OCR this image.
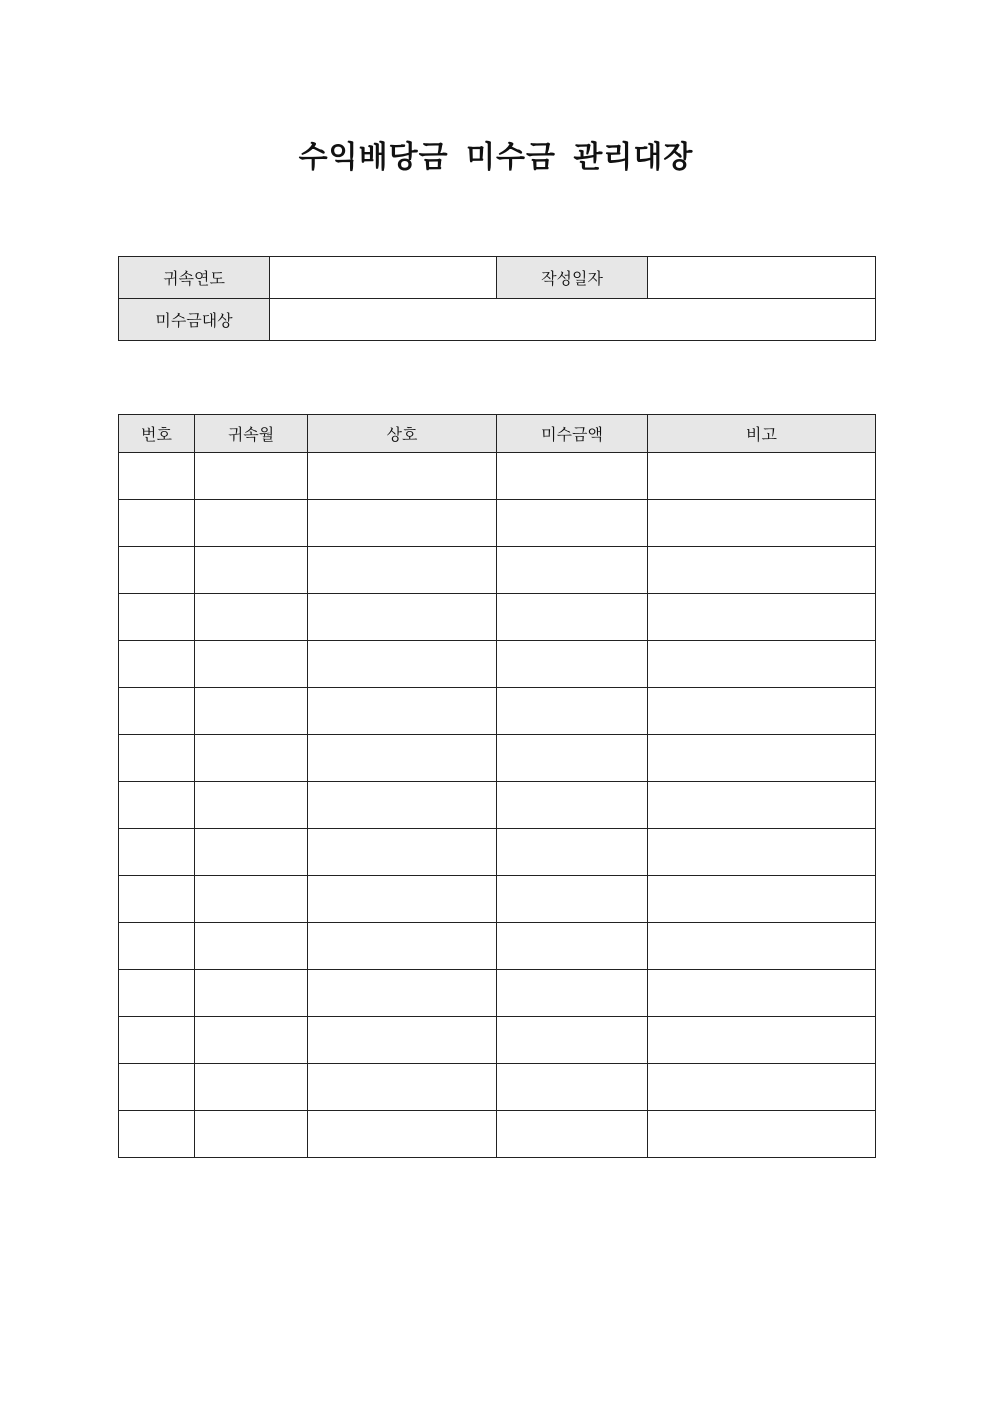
수익배당금 미수금 관리대장
귀속연도		작성일자	
미수금대상			
번호	귀속월	상호	미수금액	비고
